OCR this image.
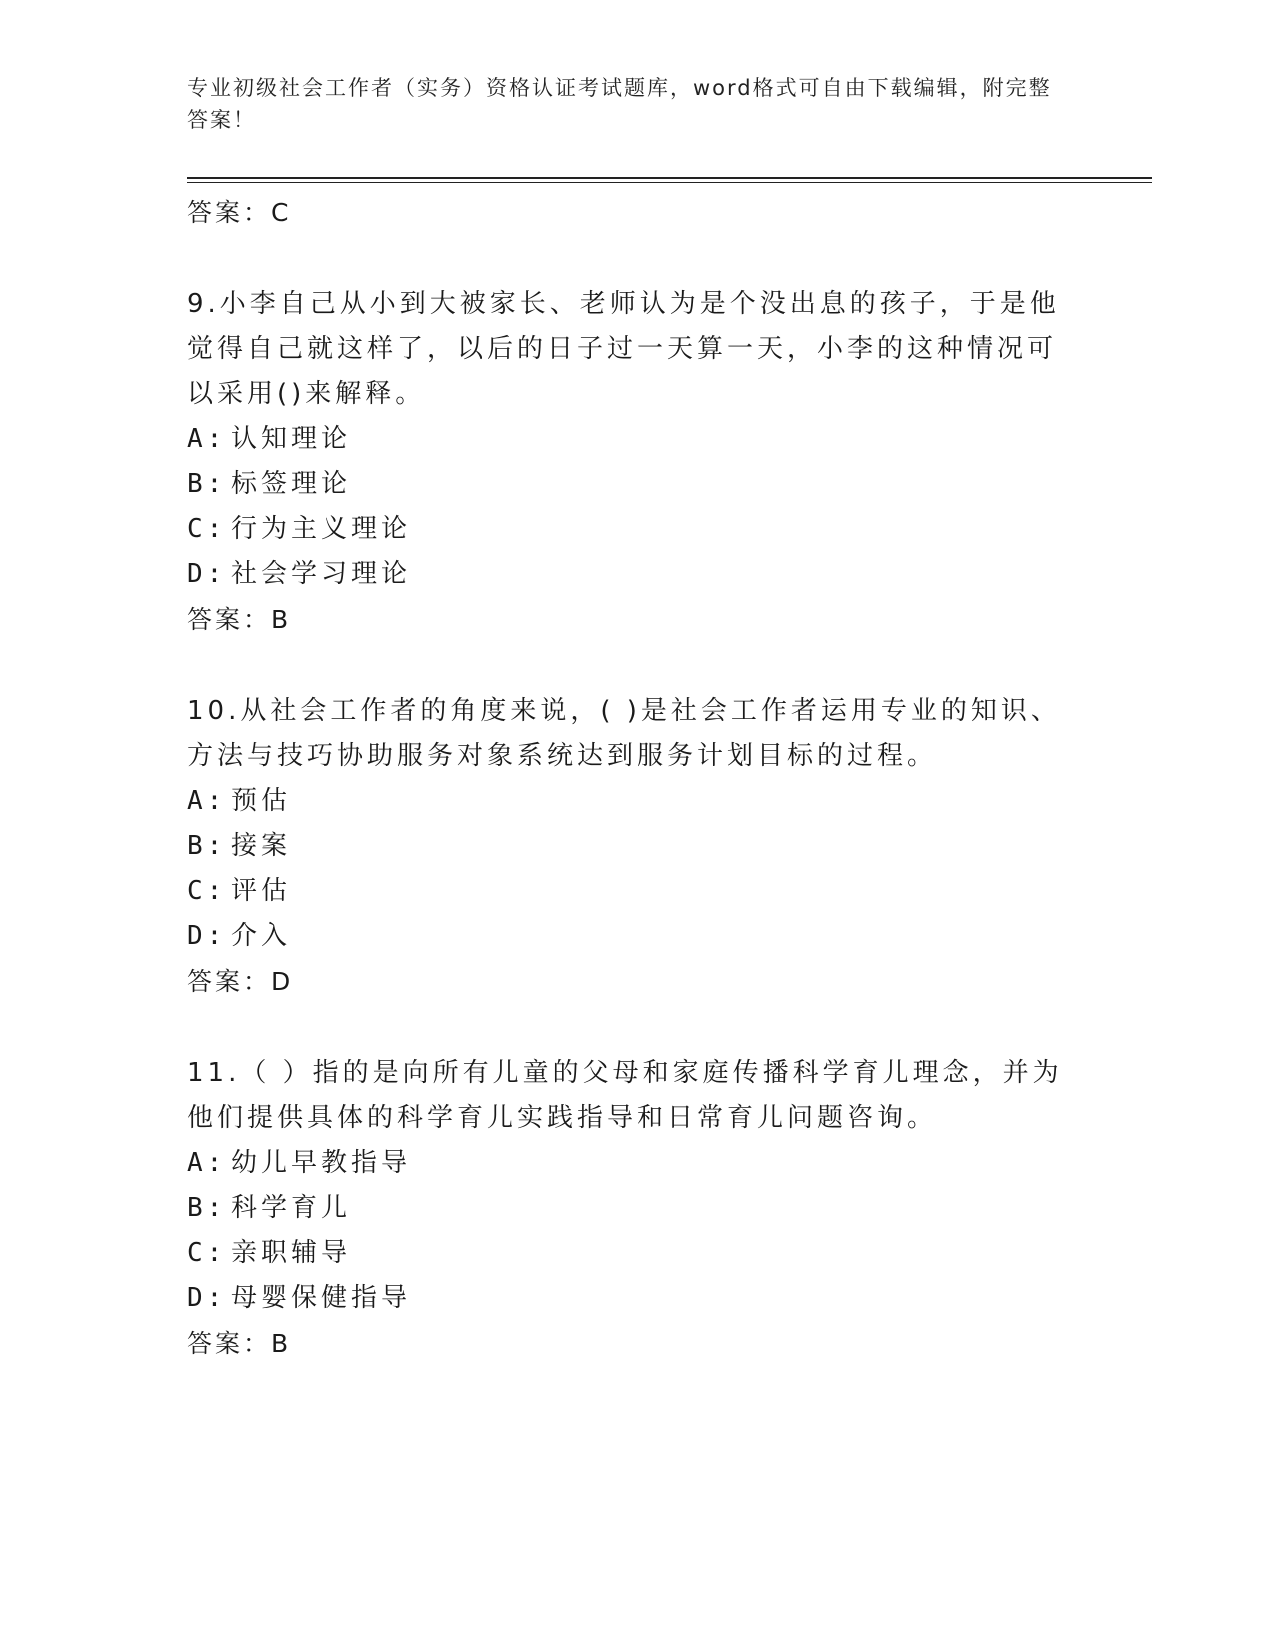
专业初级社会工作者（实务）资格认证考试题库，word格式可自由下载编辑，附完整答案！
答案：C

9.小李自己从小到大被家长、老师认为是个没出息的孩子，于是他觉得自己就这样了，以后的日子过一天算一天，小李的这种情况可以采用()来解释。

A: 认知理论
B: 标签理论
C: 行为主义理论
D: 社会学习理论
答案：B

10.从社会工作者的角度来说，( )是社会工作者运用专业的知识、方法与技巧协助服务对象系统达到服务计划目标的过程。

A: 预估
B: 接案
C: 评估
D: 介入
答案：D

11.（ ）指的是向所有儿童的父母和家庭传播科学育儿理念，并为他们提供具体的科学育儿实践指导和日常育儿问题咨询。

A: 幼儿早教指导
B: 科学育儿
C: 亲职辅导
D: 母婴保健指导
答案：B
